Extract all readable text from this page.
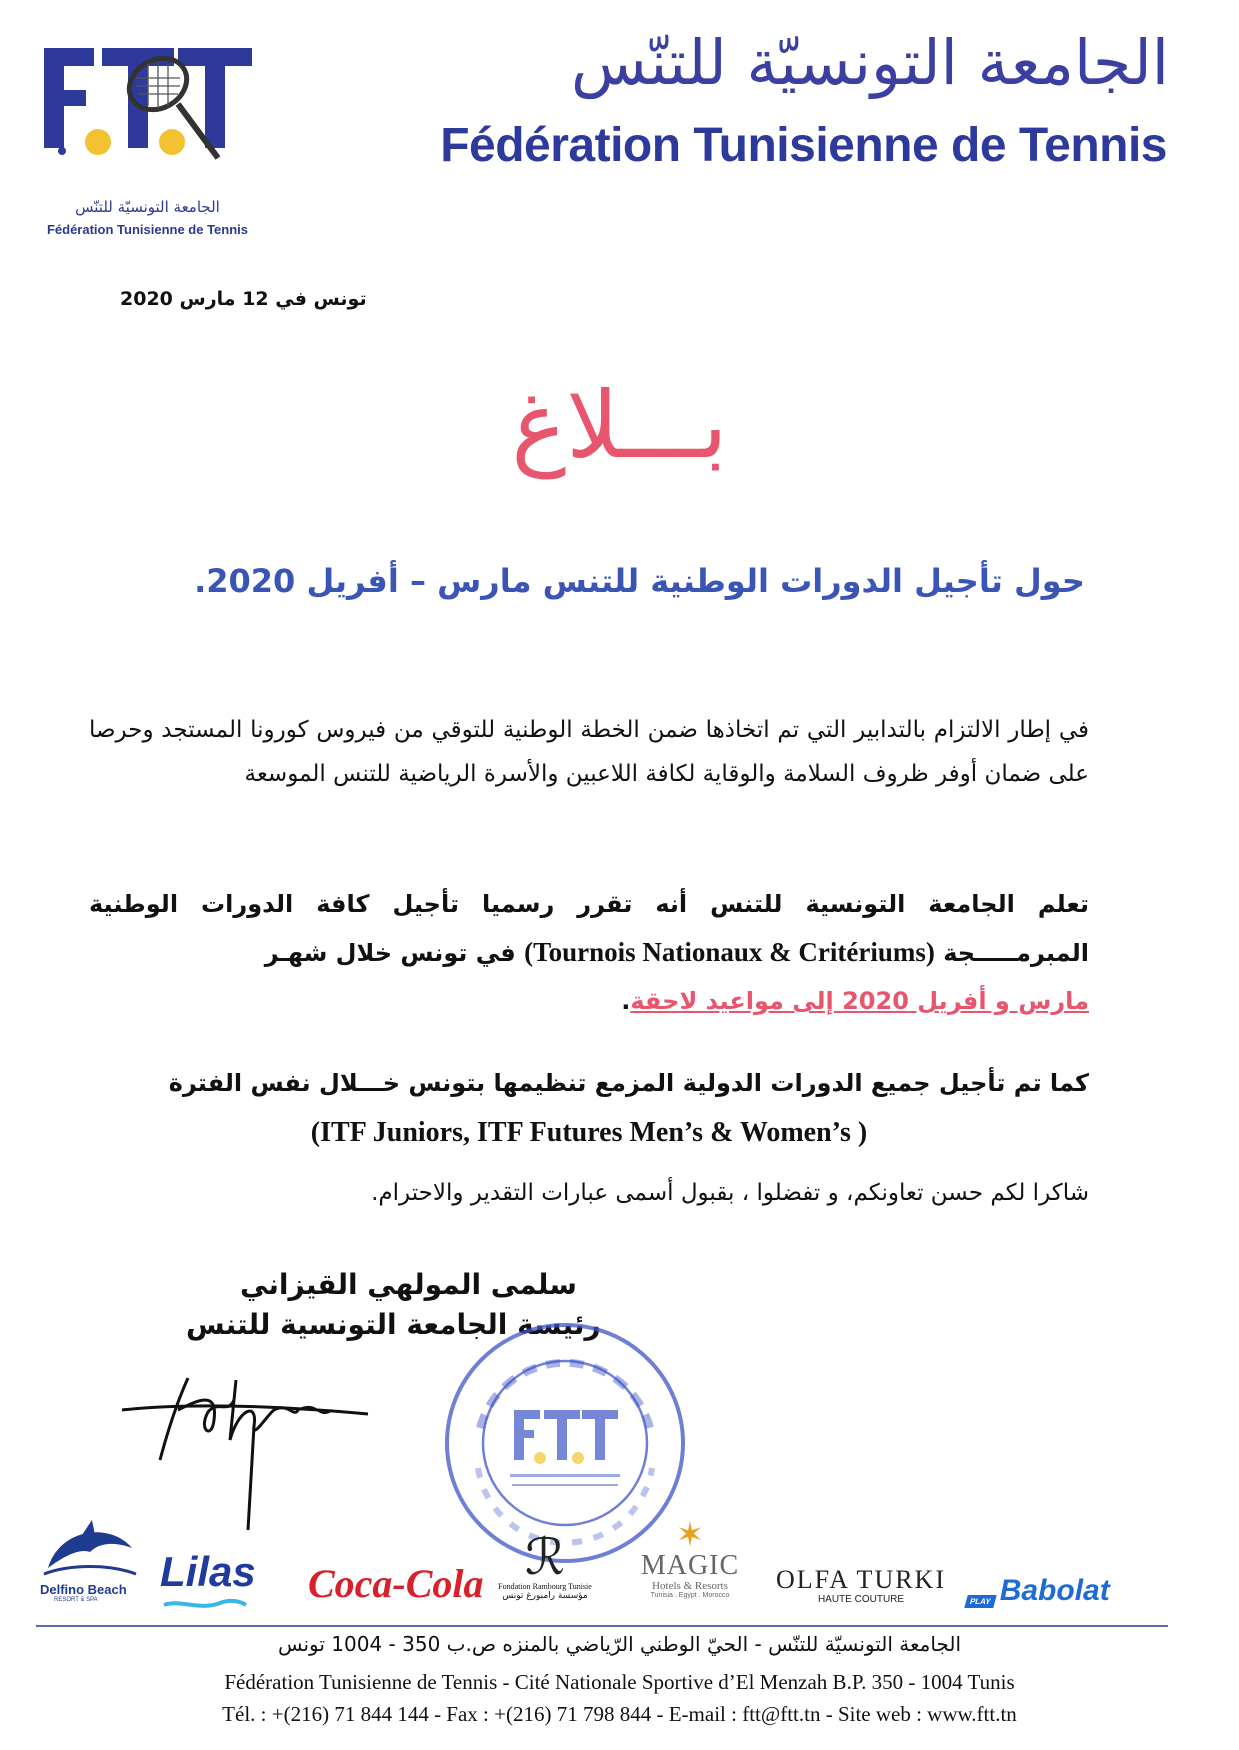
الجامعة التونسيّة للتنّس
Fédération Tunisienne de Tennis
الجامعة التونسيّة للتنّس
Fédération Tunisienne de Tennis
تونس في 12 مارس 2020
بـــلاغ
حول تأجيل الدورات الوطنية للتنس مارس – أفريل 2020.
في إطار الالتزام بالتدابير التي تم اتخاذها ضمن الخطة الوطنية للتوقي من فيروس كورونا المستجد وحرصا على ضمان أوفر ظروف السلامة والوقاية لكافة اللاعبين والأسرة الرياضية للتنس الموسعة
تعلم الجامعة التونسية للتنس أنه تقرر رسميا تأجيل كافة الدورات الوطنية المبرمـــــجة (Tournois Nationaux & Critériums) في تونس خلال شهـر
مارس و أفريل 2020 إلى مواعيد لاحقة.
كما تم تأجيل جميع الدورات الدولية المزمع تنظيمها بتونس خـــلال نفس الفترة
(ITF Juniors, ITF Futures Men’s & Women’s )
شاكرا لكم حسن تعاونكم، و تفضلوا ، بقبول أسمى عبارات التقدير والاحترام.
سلمى المولهي القيزاني
رئيسة الجامعة التونسية للتنس
Delfino Beach
RESORT & SPA
Lilas Coca-Cola ℛ
Fondation Rambourg Tunisie
مؤسسة رامبورغ تونس
✶
MAGIC
Hotels & Resorts
Tunisia . Egypt . Morocco
OLFA TURKI
HAUTE COUTURE	PLAY Babolat
الجامعة التونسيّة للتنّس - الحيّ الوطني الرّياضي بالمنزه ص.ب 350 - 1004 تونس
Fédération Tunisienne de Tennis - Cité Nationale Sportive d’El Menzah B.P. 350 - 1004 Tunis
Tél. : +(216) 71 844 144 - Fax : +(216) 71 798 844 - E-mail : ftt@ftt.tn - Site web : www.ftt.tn
